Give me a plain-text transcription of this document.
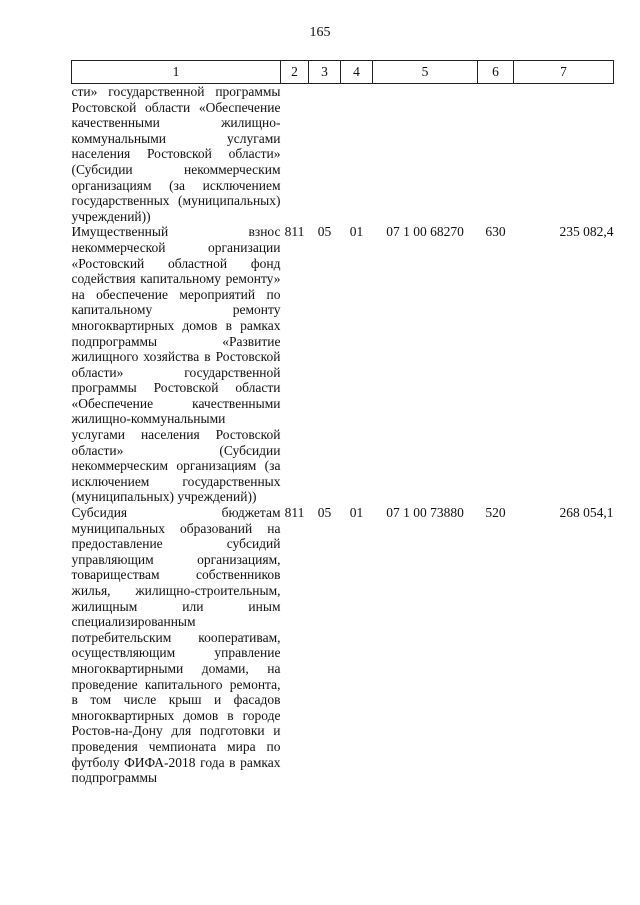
165
1	2	3	4	5	6	7
сти» государственной программы Ростовской области «Обеспечение качественными жилищно-коммунальными услугами населения Ростовской области» (Субсидии некоммерческим организациям (за исключением государственных (муниципальных) учреждений))						
Имущественный взнос некоммерческой организации «Ростовский областной фонд содействия капитальному ремонту» на обеспечение мероприятий по капитальному ремонту многоквартирных домов в рамках подпрограммы «Развитие жилищного хозяйства в Ростовской области» государственной программы Ростовской области «Обеспечение качественными жилищно-коммунальными услугами населения Ростовской области» (Субсидии некоммерческим организациям (за исключением государственных (муниципальных) учреждений))	811	05	01	07 1 00 68270	630	235 082,4
Субсидия бюджетам муниципальных образований на предоставление субсидий управляющим организациям, товариществам собственников жилья, жилищно-строительным, жилищным или иным специализированным потребительским кооперативам, осуществляющим управление многоквартирными домами, на проведение капитального ремонта, в том числе крыш и фасадов многоквартирных домов в городе Ростов-на-Дону для подготовки и проведения чемпионата мира по футболу ФИФА-2018 года в рамках подпрограммы	811	05	01	07 1 00 73880	520	268 054,1
